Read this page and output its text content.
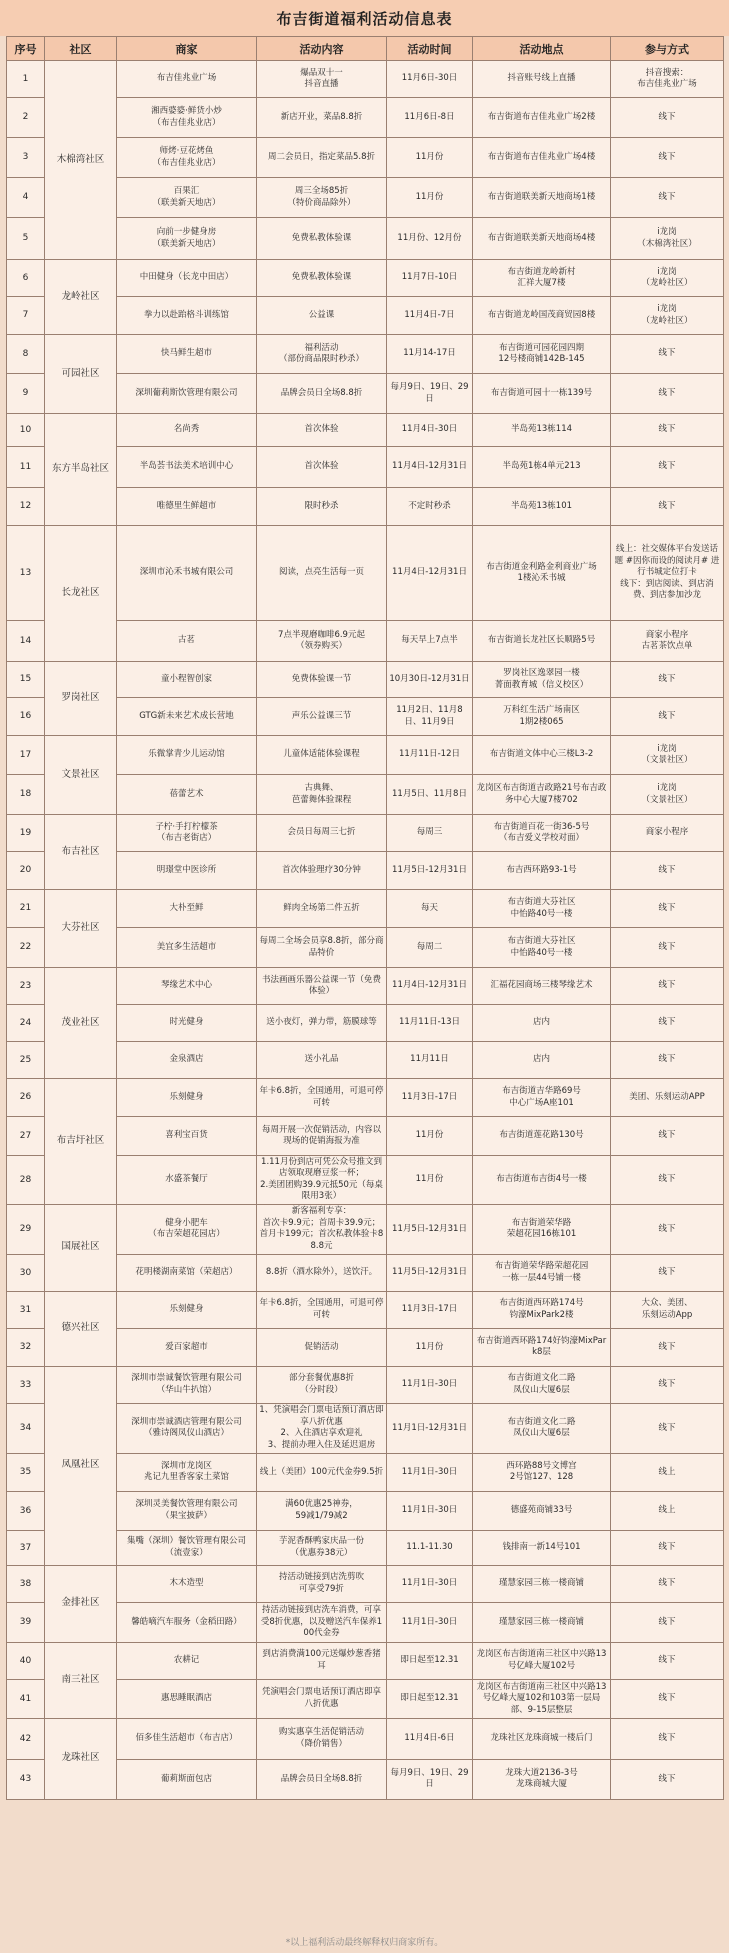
布吉街道福利活动信息表
序号	社区	商家	活动内容	活动时间	活动地点	参与方式
1	木棉湾社区	布吉佳兆业广场	爆品双十一
抖音直播	11月6日-30日	抖音账号线上直播	抖音搜索：
布吉佳兆业广场
2		湘西婆婆·鲜货小炒
（布吉佳兆业店）	新店开业，菜品8.8折	11月6日-8日	布吉街道布吉佳兆业广场2楼	线下
3		师烤·豆花烤鱼
（布吉佳兆业店）	周二会员日，指定菜品5.8折	11月份	布吉街道布吉佳兆业广场4楼	线下
4		百果汇
（联美新天地店）	周三全场85折
（特价商品除外）	11月份	布吉街道联美新天地商场1楼	线下
5		向前一步健身房
（联美新天地店）	免费私教体验课	11月份、12月份	布吉街道联美新天地商场4楼	i龙岗
（木棉湾社区）
6	龙岭社区	中田健身（长龙中田店）	免费私教体验课	11月7日-10日	布吉街道龙岭新村
汇祥大厦7楼	i龙岗
（龙岭社区）
7		拳力以赴跆格斗训练馆	公益课	11月4日-7日	布吉街道龙岭国茂商贸园8楼	i龙岗
（龙岭社区）
8	可园社区	快马鲜生超市	福利活动
（部份商品限时秒杀）	11月14-17日	布吉街道可园花园四期
12号楼商铺142B-145	线下
9		深圳葡莉斯饮管理有限公司	品牌会员日全场8.8折	每月9日、19日、29日	布吉街道可园十一栋139号	线下
10	东方半岛社区	名尚秀	首次体验	11月4日-30日	半岛苑13栋114	线下
11		半岛荟书法美术培训中心	首次体验	11月4日-12月31日	半岛苑1栋4单元213	线下
12		唯德里生鲜超市	限时秒杀	不定时秒杀	半岛苑13栋101	线下
13	长龙社区	深圳市沁禾书城有限公司	阅读，点亮生活每一页	11月4日-12月31日	布吉街道金利路金利商业广场
1楼沁禾书城	线上：社交媒体平台发送话题 #因你而设的阅读月# 进行书城定位打卡
线下：到店阅读、到店消费、到店参加沙龙
14		古茗	7点半现磨咖啡6.9元起
（领券购买）	每天早上7点半	布吉街道长龙社区长顺路5号	商家小程序
古茗茶饮点单
15	罗岗社区	童小程智创家	免费体验课一节	10月30日-12月31日	罗岗社区逸翠园一楼
菁面教育城（信义校区）	线下
16		GTG新未来艺术成长营地	声乐公益课三节	11月2日、11月8日、11月9日	万科红生活广场南区
1期2楼065	线下
17	文景社区	乐微掌青少儿运动馆	儿童体适能体验课程	11月11日-12日	布吉街道文体中心三楼L3-2	i龙岗
（文景社区）
18		蓓蕾艺术	古典舞、
芭蕾舞体验课程	11月5日、11月8日	龙岗区布吉街道吉政路21号布吉政务中心大厦7楼702	i龙岗
（文景社区）
19	布吉社区	子柠·手打柠檬茶
（布吉老街店）	会员日每周三七折	每周三	布吉街道百花一街36-5号
（布吉爱义学校对面）	商家小程序
20		明璟堂中医诊所	首次体验理疗30分钟	11月5日-12月31日	布吉西环路93-1号	线下
21	大芬社区	大朴至鲜	鲜肉全场第二件五折	每天	布吉街道大芬社区
中怡路40号一楼	线下
22		美宜多生活超市	每周二全场会员享8.8折，部分商品特价	每周二	布吉街道大芬社区
中怡路40号一楼	线下
23	茂业社区	琴缘艺术中心	书法画画乐器公益课一节（免费体验）	11月4日-12月31日	汇福花园商场三楼琴缘艺术	线下
24		时光健身	送小夜灯，弹力带，筋膜球等	11月11日-13日	店内	线下
25		金泉酒店	送小礼品	11月11日	店内	线下
26	布吉圩社区	乐刻健身	年卡6.8折，全国通用，可退可停可转	11月3日-17日	布吉街道吉华路69号
中心广场A座101	美团、乐刻运动APP
27		喜利宝百货	每周开展一次促销活动，内容以现场的促销海报为准	11月份	布吉街道莲花路130号	线下
28		水盛茶餐厅	1.11月份到店可凭公众号推文到店领取现磨豆浆一杯；
2.美团团购39.9元抵50元（每桌限用3张）	11月份	布吉街道布吉街4号一楼	线下
29	国展社区	健身小肥车
（布吉荣超花园店）	新客福利专享：
首次卡9.9元；首周卡39.9元；首月卡199元；首次私教体验卡88.8元	11月5日-12月31日	布吉街道荣华路
荣超花园16栋101	线下
30		花明楼湖南菜馆（荣超店）	8.8折（酒水除外），送饮汗。	11月5日-12月31日	布吉街道荣华路荣超花园
一栋一层44号铺一楼	线下
31	德兴社区	乐刻健身	年卡6.8折，全国通用，可退可停可转	11月3日-17日	布吉街道西环路174号
钧濠MixPark2楼	大众、美团、
乐刻运动App
32		爱百家超市	促销活动	11月份	布吉街道西环路174好钧濠MixPark8层	线下
33	凤凰社区	深圳市崇诚餐饮管理有限公司
（华山牛扒馆）	部分套餐优惠8折
（分时段）	11月1日-30日	布吉街道文化二路
凤仪山大厦6层	线下
34		深圳市崇诚酒店管理有限公司
（雅诗阁凤仪山酒店）	1、凭演唱会门票电话预订酒店即享八折优惠
2、入住酒店享欢迎礼
3、提前办理入住及延迟退房	11月1日-12月31日	布吉街道文化二路
凤仪山大厦6层	线下
35		深圳市龙岗区
兆记九里香客家土菜馆	线上（美团）100元代金券9.5折	11月1日-30日	西环路88号文博宫
2号馆127、128	线上
36		深圳灵美餐饮管理有限公司
（果宝披萨）	满60优惠25神券，
59减1/79减2	11月1日-30日	德盛苑商铺33号	线上
37		集嘴（深圳）餐饮管理有限公司
（流壹家）	芋泥香酥鸭家庆品一份
（优惠券38元）	11.1-11.30	钱排南一新14号101	线下
38	金排社区	木木造型	持活动链接到店洗剪吹
可享受79折	11月1日-30日	瑾慧家园三栋一楼商铺	线下
39		馨皓嘀汽车服务（金稻田路）	持活动链接到店洗车消费，可享受8折优惠，以及赠送汽车保养100代金券	11月1日-30日	瑾慧家园三栋一楼商铺	线下
40	南三社区	农耕记	到店消费满100元送爆炒葱香猪耳	即日起至12.31	龙岗区布吉街道南三社区中兴路13号亿峰大厦102号	线下
41		惠思睡眠酒店	凭演唱会门票电话预订酒店即享八折优惠	即日起至12.31	龙岗区布吉街道南三社区中兴路13号亿峰大厦102和103第一层局部、9-15层整层	线下
42	龙珠社区	佰多佳生活超市（布吉店）	购实惠享生活促销活动
（降价销售）	11月4日-6日	龙珠社区龙珠商城一楼后门	线下
43		葡莉斯面包店	品牌会员日全场8.8折	每月9日、19日、29日	龙珠大道2136-3号
龙珠商城大厦	线下
*以上福利活动最终解释权归商家所有。
